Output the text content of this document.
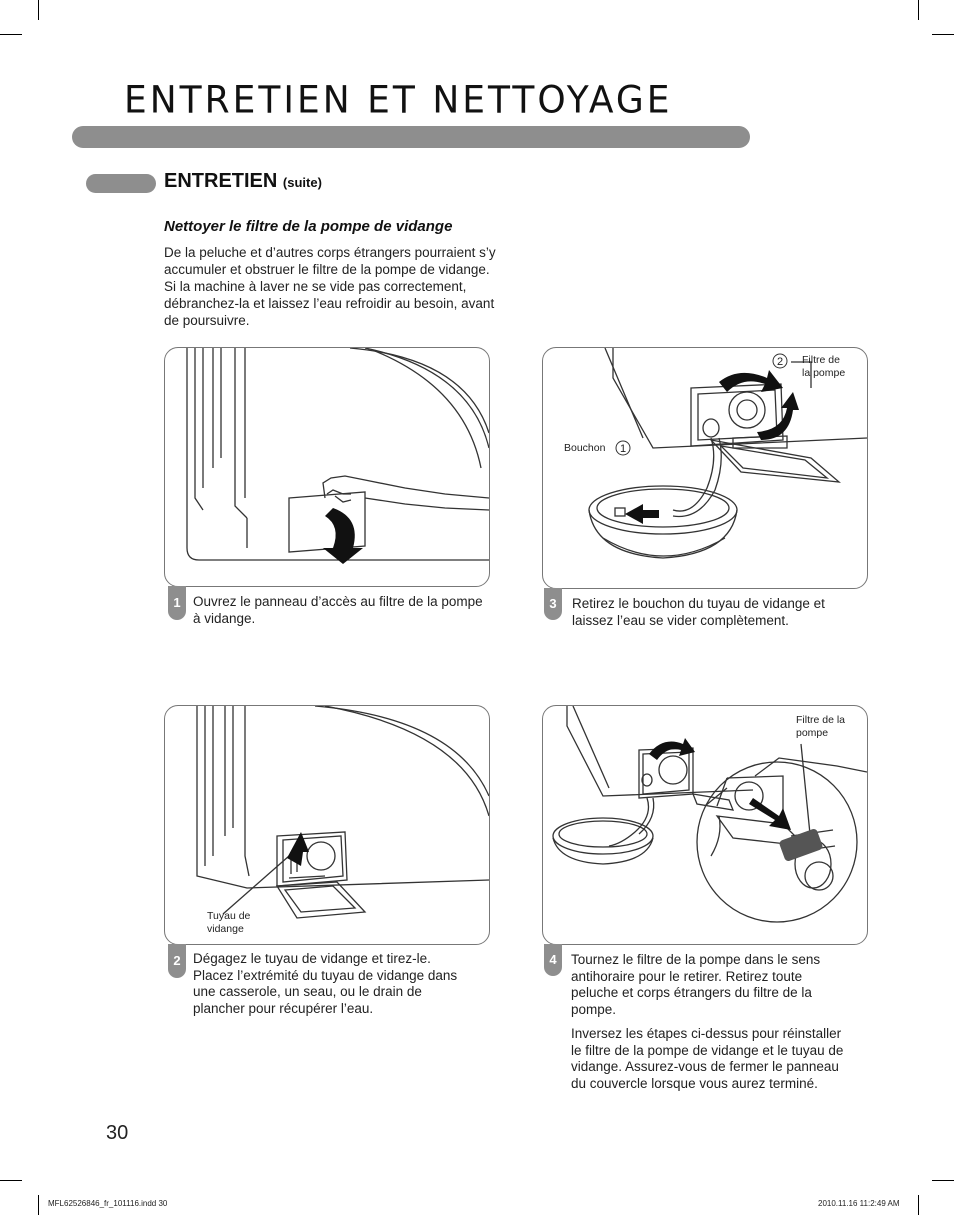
ENTRETIEN ET NETTOYAGE
ENTRETIEN (suite)
Nettoyer le filtre de la pompe de vidange
De la peluche et d’autres corps étrangers pourraient s’y accumuler et obstruer le filtre de la pompe de vidange. Si la machine à laver ne se vide pas correctement, débranchez-la et laissez l’eau refroidir au besoin, avant de poursuivre.
1 Ouvrez le panneau d’accès au filtre de la pompe à vidange.

2
1
Bouchon
Filtre de la pompe
3	Retirez le bouchon du tuyau de vidange et laissez l’eau se vider complètement.

Tuyau de vidange
2 Dégagez le tuyau de vidange et tirez-le. Placez l’extrémité du tuyau de vidange dans une casserole, un seau, ou le drain de plancher pour récupérer l’eau.

Filtre de la pompe
4	Tournez le filtre de la pompe dans le sens antihoraire pour le retirer. Retirez toute peluche et corps étrangers du filtre de la pompe.

Inversez les étapes ci-dessus pour réinstaller le filtre de la pompe de vidange et le tuyau de vidange. Assurez-vous de fermer le panneau du couvercle lorsque vous aurez terminé.

30
MFL62526846_fr_101116.indd 30	2010.11.16 11:2:49 AM
